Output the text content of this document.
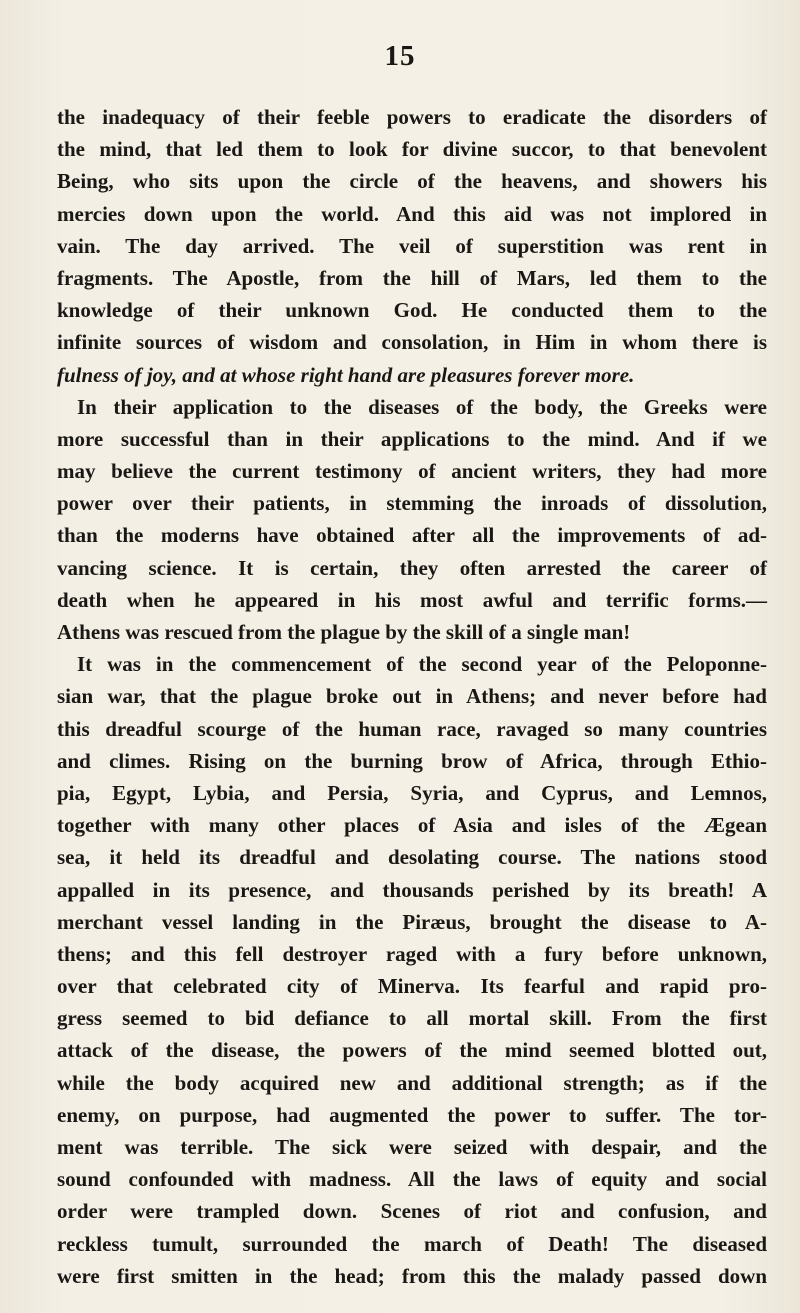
15
the inadequacy of their feeble powers to eradicate the disorders of
the mind, that led them to look for divine succor, to that benevolent
Being, who sits upon the circle of the heavens, and showers his
mercies down upon the world. And this aid was not implored in
vain. The day arrived. The veil of superstition was rent in
fragments. The Apostle, from the hill of Mars, led them to the
knowledge of their unknown God. He conducted them to the
infinite sources of wisdom and consolation, in Him in whom there is
fulness of joy, and at whose right hand are pleasures forever more.
In their application to the diseases of the body, the Greeks were
more successful than in their applications to the mind. And if we
may believe the current testimony of ancient writers, they had more
power over their patients, in stemming the inroads of dissolution,
than the moderns have obtained after all the improvements of ad-
vancing science. It is certain, they often arrested the career of
death when he appeared in his most awful and terrific forms.—
Athens was rescued from the plague by the skill of a single man!
It was in the commencement of the second year of the Peloponne-
sian war, that the plague broke out in Athens; and never before had
this dreadful scourge of the human race, ravaged so many countries
and climes. Rising on the burning brow of Africa, through Ethio-
pia, Egypt, Lybia, and Persia, Syria, and Cyprus, and Lemnos,
together with many other places of Asia and isles of the Ægean
sea, it held its dreadful and desolating course. The nations stood
appalled in its presence, and thousands perished by its breath! A
merchant vessel landing in the Piræus, brought the disease to A-
thens; and this fell destroyer raged with a fury before unknown,
over that celebrated city of Minerva. Its fearful and rapid pro-
gress seemed to bid defiance to all mortal skill. From the first
attack of the disease, the powers of the mind seemed blotted out,
while the body acquired new and additional strength; as if the
enemy, on purpose, had augmented the power to suffer. The tor-
ment was terrible. The sick were seized with despair, and the
sound confounded with madness. All the laws of equity and social
order were trampled down. Scenes of riot and confusion, and
reckless tumult, surrounded the march of Death! The diseased
were first smitten in the head; from this the malady passed down
